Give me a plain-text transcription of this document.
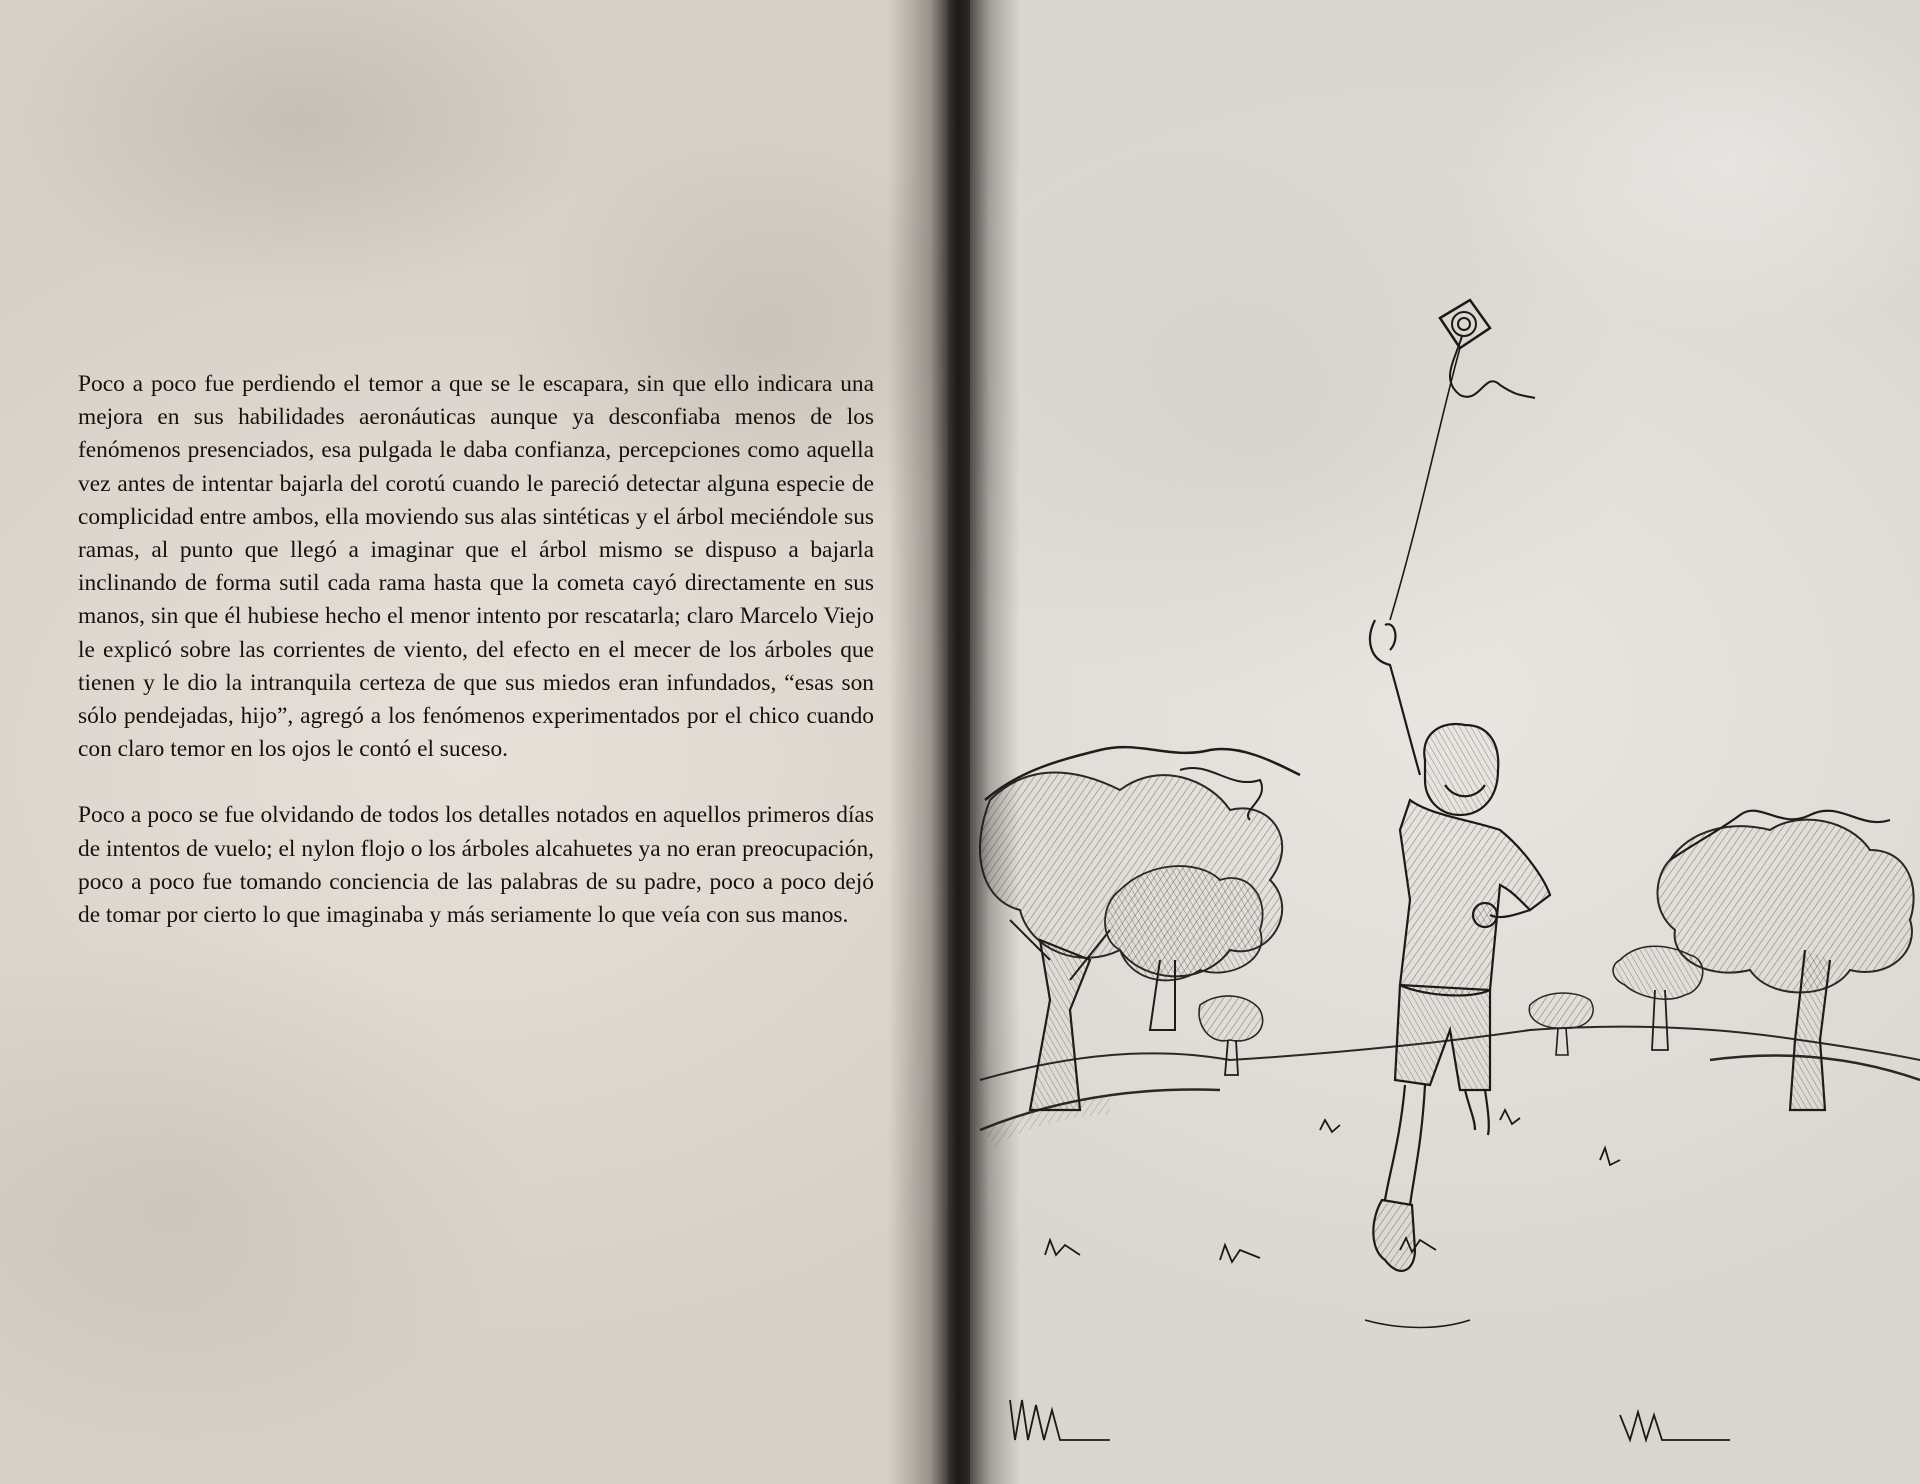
Poco a poco fue perdiendo el temor a que se le escapara, sin que ello indicara una mejora en sus habilidades aeronáuticas aunque ya desconfiaba menos de los fenómenos presenciados, esa pulgada le daba confianza, percepciones como aquella vez antes de intentar bajarla del corotú cuando le pareció detectar alguna especie de complicidad entre ambos, ella moviendo sus alas sintéticas y el árbol meciéndole sus ramas, al punto que llegó a imaginar que el árbol mismo se dispuso a bajarla inclinando de forma sutil cada rama hasta que la cometa cayó directamente en sus manos, sin que él hubiese hecho el menor intento por rescatarla; claro Marcelo Viejo le explicó sobre las corrientes de viento, del efecto en el mecer de los árboles que tienen y le dio la intranquila certeza de que sus miedos eran infundados, “esas son sólo pendejadas, hijo”, agregó a los fenómenos experimentados por el chico cuando con claro temor en los ojos le contó el suceso.

Poco a poco se fue olvidando de todos los detalles notados en aquellos primeros días de intentos de vuelo; el nylon flojo o los árboles alcahuetes ya no eran preocupación, poco a poco fue tomando conciencia de las palabras de su padre, poco a poco dejó de tomar por cierto lo que imaginaba y más seriamente lo que veía con sus manos.
